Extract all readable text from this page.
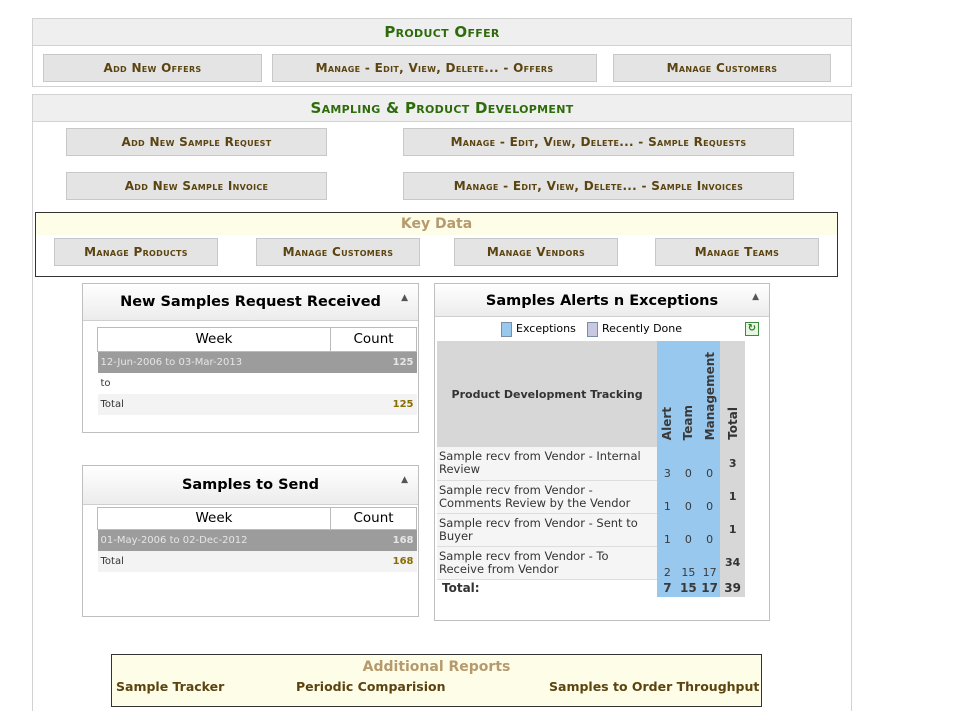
Product Offer
Add New Offers	Manage - Edit, View, Delete... - Offers	Manage Customers
Sampling & Product Development
Add New Sample Request	Manage - Edit, View, Delete... - Sample Requests
Add New Sample Invoice	Manage - Edit, View, Delete... - Sample Invoices
Key Data
Manage Products	Manage Customers	Manage Vendors	Manage Teams
New Samples Request Received ▲
Week	Count
12-Jun-2006 to 03-Mar-2013	125
to	
Total	125
Samples to Send	▲
Week	Count
01-May-2006 to 02-Dec-2012	168
Total	168
Samples Alerts n Exceptions	▲
Exceptions	Recently Done	↻
Product Development Tracking	Alert	Team	Management	Total
Sample recv from Vendor - Internal Review	3	0	0	3
Sample recv from Vendor - Comments Review by the Vendor	1	0	0	1
Sample recv from Vendor - Sent to Buyer	1	0	0	1
Sample recv from Vendor - To Receive from Vendor	2	15	17	34
Total:	7	15	17	39
Additional Reports
Sample Tracker	Periodic Comparision	Samples to Order Throughput
